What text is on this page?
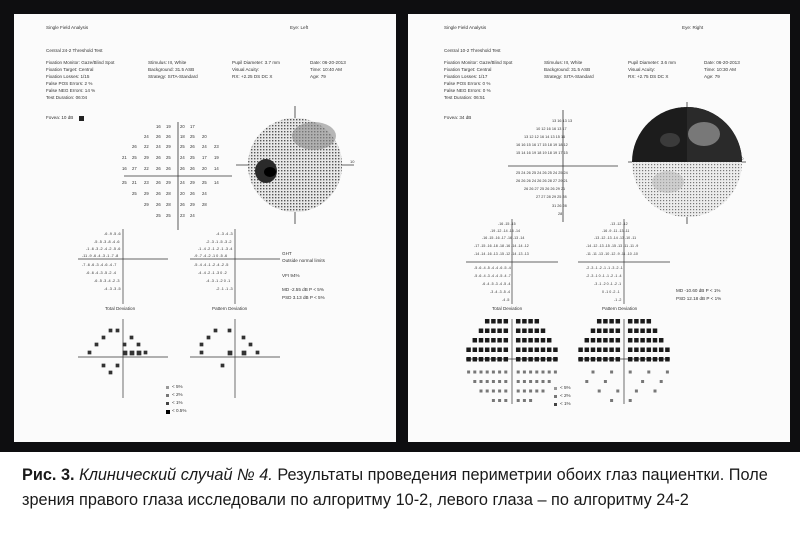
Single Field Analysis	Eye: Left
Central 24-2 Threshold Test
Fixation Monitor: Gaze/Blind Spot
Fixation Target: Central
Fixation Losses: 1/15
False POS Errors: 2 %
False NEG Errors: 14 %
Test Duration: 06:04
Stimulus: III, White
Background: 31.5 ASB
Strategy: SITA-Standard
Pupil Diameter: 3.7 mm
Visual Acuity:
RX: +2.25 DS DC X
Date: 06-20-2013
Time: 10:40 AM
Age: 79
Fovea: 10 dB
16 19 20 17
24 26 26 18 25 20
26 22 24 29 25 26 24 23
21 25 29 26 25 24 25 17 19
16 27 22 26 26 26 26 20 14
25 21 23 26 29 24 29 25 14
25 29 26 28 20 26 24
29 26 28 26 29 28
25 25 23 24
10
-6 -9 -5 -6
-5 -5 -3 -8 -4 -6
-1 -6 -3 -2 -4 -2 -5 -6
-11 -9 -6 -4 -3 -1 -7 -8
-7 -6 -6 -3 -4 -6 -4 -7
-6 -6 -4 -3 -5 -2 -4
-6 -5 -3 -4 -2 -3
-4 -3 -3 -5
-4 -3 -4 -3
-2 -3 -1 -5 -3 -2
-1 -4 -2 -1 -2 -1 -3 -4
-9 -7 -4 -2 -1 0 -5 -6
-5 -4 -4 -1 -2 -4 -2 -5
-4 -4 -2 -1 -3 0 -2
-4 -3 -1 -2 0 -1
-2 -1 -1 -3
Total Deviation	Pattern Deviation
GHT
Outside normal limits
VFI 94%
MD -2.55 dB P < 5%
PSD 3.13 dB P < 5%
< 5%
< 2%
< 1%
< 0.5%
Single Field Analysis	Eye: Right
Central 10-2 Threshold Test
Fixation Monitor: Gaze/Blind Spot
Fixation Target: Central
Fixation Losses: 1/17
False POS Errors: 0 %
False NEG Errors: 0 %
Test Duration: 06:51
Stimulus: III, White
Background: 31.5 ASB
Strategy: SITA-Standard
Pupil Diameter: 3.6 mm
Visual Acuity:
RX: +2.75 DS DC X
Date: 06-20-2013
Time: 10:30 AM
Age: 79
Fovea: 34 dB
13 16 13 13
10 12 16 16 13 17
13 12 12 16 14 13 15 16
16 16 15 16 17 15 18 19 18 12
15 14 16 19 18 19 18 19 17 15
25 24 26 25 24 26 25 24 25 24
26 26 26 24 26 26 28 27 29 21
26 26 27 25 26 26 29 21
27 27 28 29 25 28
31 26 28
28
10
-16 -15 -15
-19 -12 -14 -16 -14
-16 -15 -16 -17 -16 -13 -14
-17 -15 -16 -18 -18 -16 -14 -14 -12
-14 -14 -16 -13 -15 -12 -14 -13 -13
-5 -6 -4 -5 -4 -4 -6 -5 -4
-5 -6 -4 -3 -4 -4 -5 -4 -7
-6 -4 -5 -3 -4 -5 -4
-3 -4 -3 -5 -4
-4 -5
-13 -12 -12
-16 -9 -11 -13 -11
-13 -12 -13 -14 -13 -10 -11
-14 -12 -13 -15 -15 -13 -11 -11 -9
-11 -11 -13 -10 -12 -9 -11 -10 -10
-2 -3 -1 -2 -1 -1 -3 -2 -1
-2 -3 -1 0 -1 -1 -2 -1 -4
-3 -1 -2 0 -1 -2 -1
0 -1 0 -2 -1
-1 -2
Total Deviation	Pattern Deviation
MD -10.60 dB P < 1%
PSD 12.18 dB P < 1%
< 5%
< 2%
< 1%
Рис. 3. Клинический случай № 4. Результаты проведения периметрии обоих глаз пациентки. Поле зрения правого глаза исследовали по алгоритму 10-2, левого глаза – по алгоритму 24-2
